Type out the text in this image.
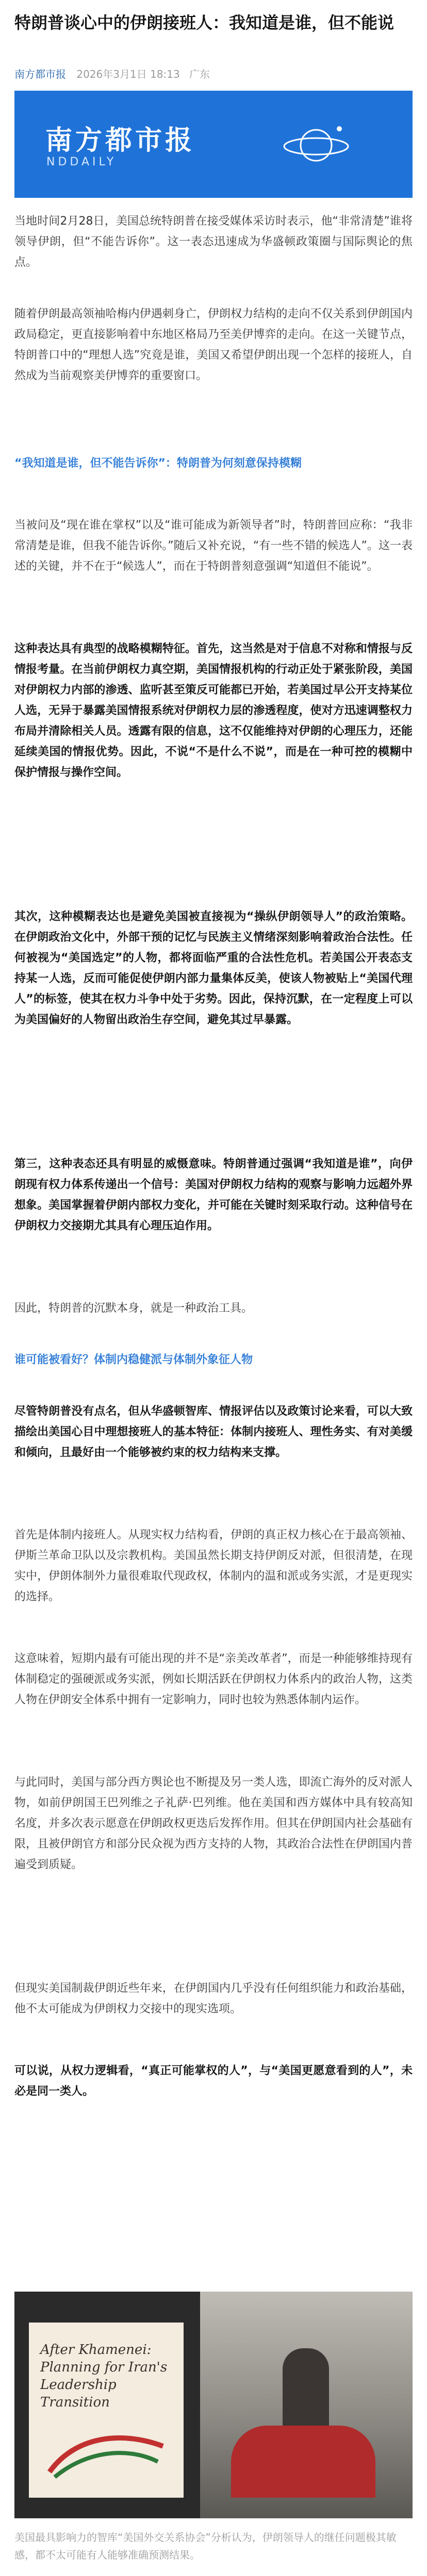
特朗普谈心中的伊朗接班人：我知道是谁，但不能说
南方都市报 2026年3月1日 18:13 广东
南方都市报
NDDAILY

当地时间2月28日，美国总统特朗普在接受媒体采访时表示，他“非常清楚”谁将领导伊朗，但“不能告诉你”。这一表态迅速成为华盛顿政策圈与国际舆论的焦点。

随着伊朗最高领袖哈梅内伊遇刺身亡，伊朗权力结构的走向不仅关系到伊朗国内政局稳定，更直接影响着中东地区格局乃至美伊博弈的走向。在这一关键节点，特朗普口中的“理想人选”究竟是谁，美国又希望伊朗出现一个怎样的接班人，自然成为当前观察美伊博弈的重要窗口。

“我知道是谁，但不能告诉你”：特朗普为何刻意保持模糊

当被问及“现在谁在掌权”以及“谁可能成为新领导者”时，特朗普回应称：“我非常清楚是谁，但我不能告诉你。”随后又补充说，“有一些不错的候选人”。这一表述的关键，并不在于“候选人”，而在于特朗普刻意强调“知道但不能说”。

这种表达具有典型的战略模糊特征。首先，这当然是对于信息不对称和情报与反情报考量。在当前伊朗权力真空期，美国情报机构的行动正处于紧张阶段，美国对伊朗权力内部的渗透、监听甚至策反可能都已开始，若美国过早公开支持某位人选，无异于暴露美国情报系统对伊朗权力层的渗透程度，使对方迅速调整权力布局并清除相关人员。透露有限的信息，这不仅能维持对伊朗的心理压力，还能延续美国的情报优势。因此，不说“不是什么不说”，而是在一种可控的模糊中保护情报与操作空间。

其次，这种模糊表达也是避免美国被直接视为“操纵伊朗领导人”的政治策略。在伊朗政治文化中，外部干预的记忆与民族主义情绪深刻影响着政治合法性。任何被视为“美国选定”的人物，都将面临严重的合法性危机。若美国公开表态支持某一人选，反而可能促使伊朗内部力量集体反美，使该人物被贴上“美国代理人”的标签，使其在权力斗争中处于劣势。因此，保持沉默，在一定程度上可以为美国偏好的人物留出政治生存空间，避免其过早暴露。

第三，这种表态还具有明显的威慑意味。特朗普通过强调“我知道是谁”，向伊朗现有权力体系传递出一个信号：美国对伊朗权力结构的观察与影响力远超外界想象。美国掌握着伊朗内部权力变化，并可能在关键时刻采取行动。这种信号在伊朗权力交接期尤其具有心理压迫作用。

因此，特朗普的沉默本身，就是一种政治工具。

谁可能被看好？体制内稳健派与体制外象征人物

尽管特朗普没有点名，但从华盛顿智库、情报评估以及政策讨论来看，可以大致描绘出美国心目中理想接班人的基本特征：体制内接班人、理性务实、有对美缓和倾向，且最好由一个能够被约束的权力结构来支撑。

首先是体制内接班人。从现实权力结构看，伊朗的真正权力核心在于最高领袖、伊斯兰革命卫队以及宗教机构。美国虽然长期支持伊朗反对派，但很清楚，在现实中，伊朗体制外力量很难取代现政权，体制内的温和派或务实派，才是更现实的选择。

这意味着，短期内最有可能出现的并不是“亲美改革者”，而是一种能够维持现有体制稳定的强硬派或务实派，例如长期活跃在伊朗权力体系内的政治人物，这类人物在伊朗安全体系中拥有一定影响力，同时也较为熟悉体制内运作。

与此同时，美国与部分西方舆论也不断提及另一类人选，即流亡海外的反对派人物，如前伊朗国王巴列维之子礼萨·巴列维。他在美国和西方媒体中具有较高知名度，并多次表示愿意在伊朗政权更迭后发挥作用。但其在伊朗国内社会基础有限，且被伊朗官方和部分民众视为西方支持的人物，其政治合法性在伊朗国内普遍受到质疑。

但现实美国制裁伊朗近些年来，在伊朗国内几乎没有任何组织能力和政治基础，他不太可能成为伊朗权力交接中的现实选项。

可以说，从权力逻辑看，“真正可能掌权的人”，与“美国更愿意看到的人”，未必是同一类人。

After Khamenei: Planning for Iran's Leadership Transition

美国最具影响力的智库“美国外交关系协会”分析认为，伊朗领导人的继任问题极其敏感，都不太可能有人能够准确预测结果。
